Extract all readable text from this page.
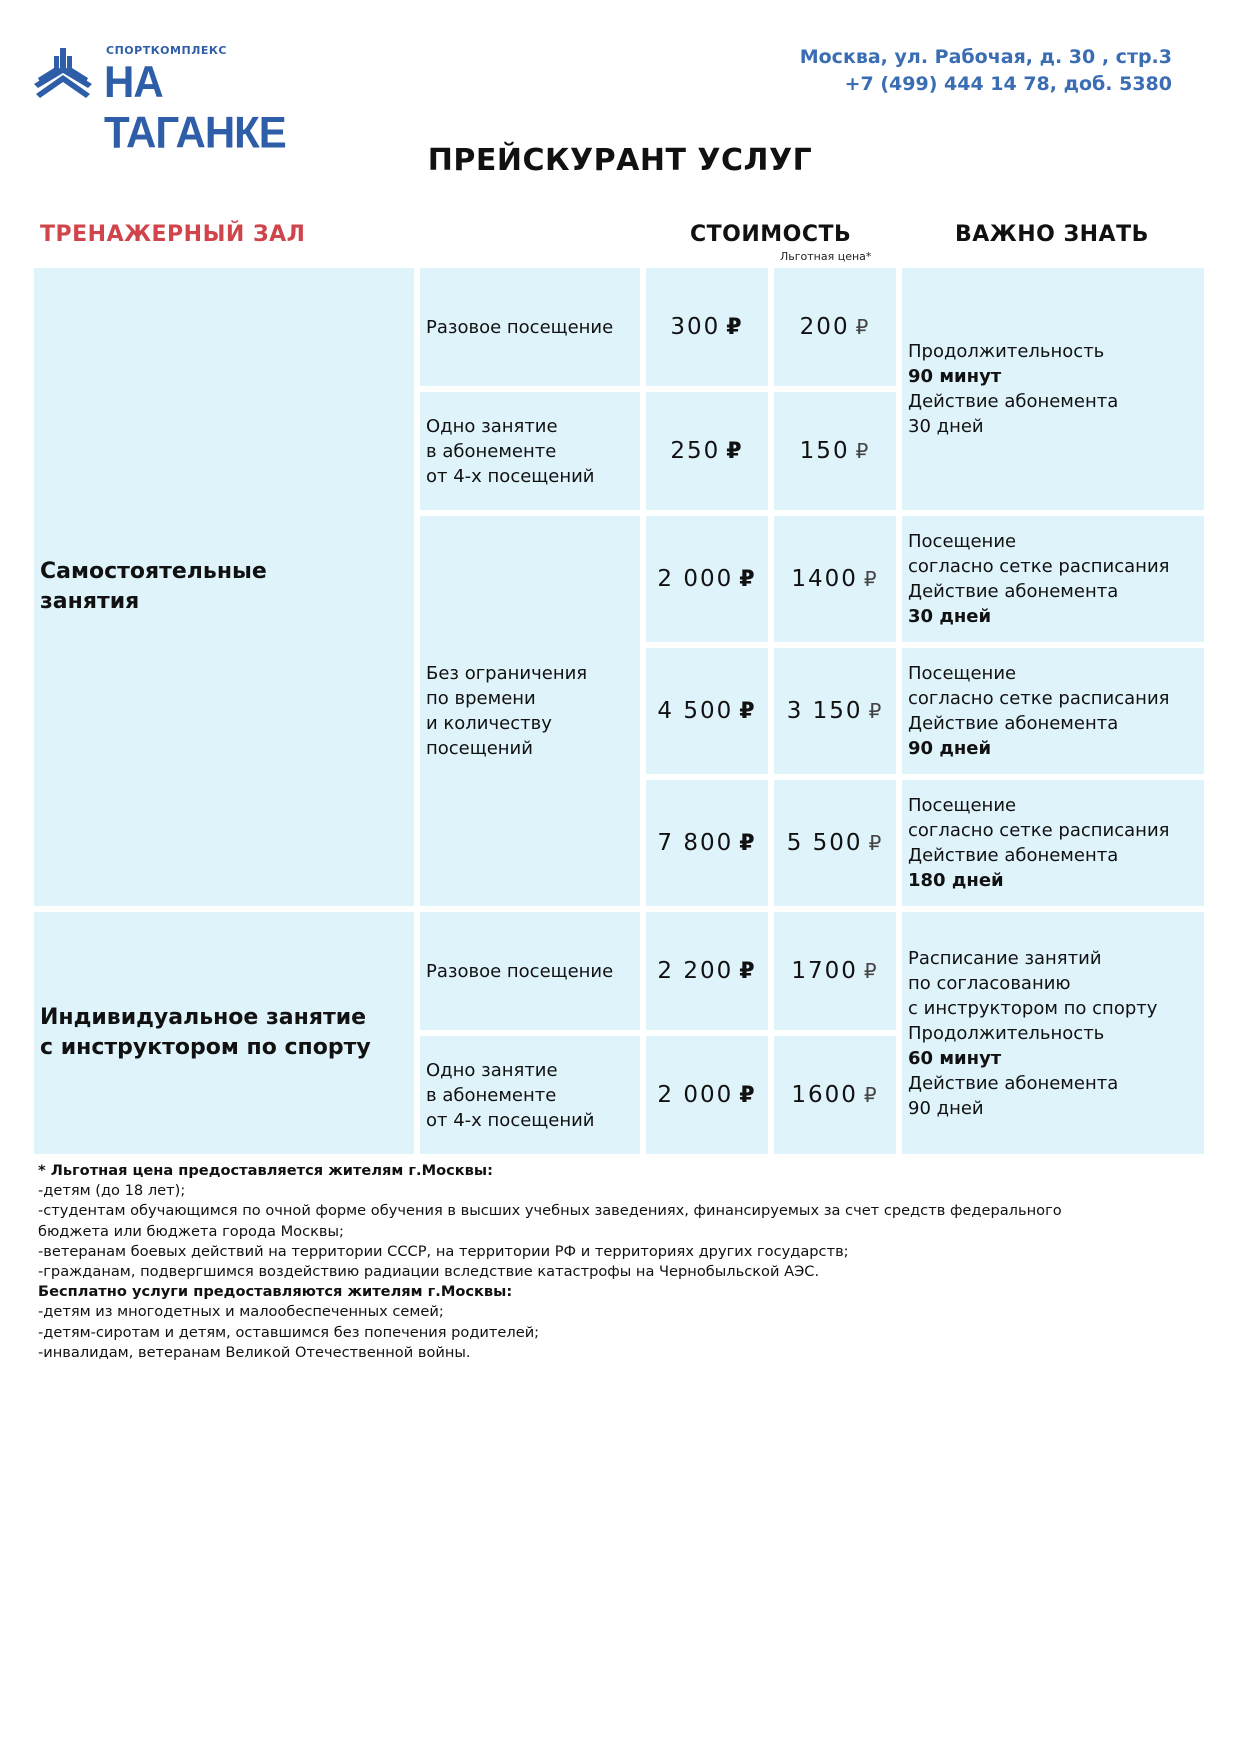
СПОРТКОМПЛЕКС
НА ТАГАНКЕ
Москва, ул. Рабочая, д. 30 , стр.3
+7 (499) 444 14 78, доб. 5380
ПРЕЙСКУРАНТ УСЛУГ
ТРЕНАЖЕРНЫЙ ЗАЛ	СТОИМОСТЬ
Льготная цена*
ВАЖНО ЗНАТЬ
Самостоятельные
занятия
Разовое посещение 300 ₽ 200 ₽
Одно занятие
в абонементе
от 4-х посещений
250 ₽ 150 ₽
Продолжительность
90 минут
Действие абонемента
30 дней
Без ограничения
по времени
и количеству
посещений
2 000 ₽ 1400 ₽
Посещение
согласно сетке расписания
Действие абонемента
30 дней
4 500 ₽ 3 150 ₽
Посещение
согласно сетке расписания
Действие абонемента
90 дней
7 800 ₽ 5 500 ₽
Посещение
согласно сетке расписания
Действие абонемента
180 дней
Индивидуальное занятие
с инструктором по спорту
Разовое посещение 2 200 ₽ 1700 ₽
Одно занятие
в абонементе
от 4-х посещений
2 000 ₽ 1600 ₽
Расписание занятий
по согласованию
с инструктором по спорту
Продолжительность
60 минут
Действие абонемента
90 дней
* Льготная цена предоставляется жителям г.Москвы:
-детям (до 18 лет);
-студентам обучающимся по очной форме обучения в высших учебных заведениях, финансируемых за счет средств федерального
бюджета или бюджета города Москвы;
-ветеранам боевых действий на территории СССР, на территории РФ и территориях других государств;
-гражданам, подвергшимся воздействию радиации вследствие катастрофы на Чернобыльской АЭС.
Бесплатно услуги предоставляются жителям г.Москвы:
-детям из многодетных и малообеспеченных семей;
-детям-сиротам и детям, оставшимся без попечения родителей;
-инвалидам, ветеранам Великой Отечественной войны.
